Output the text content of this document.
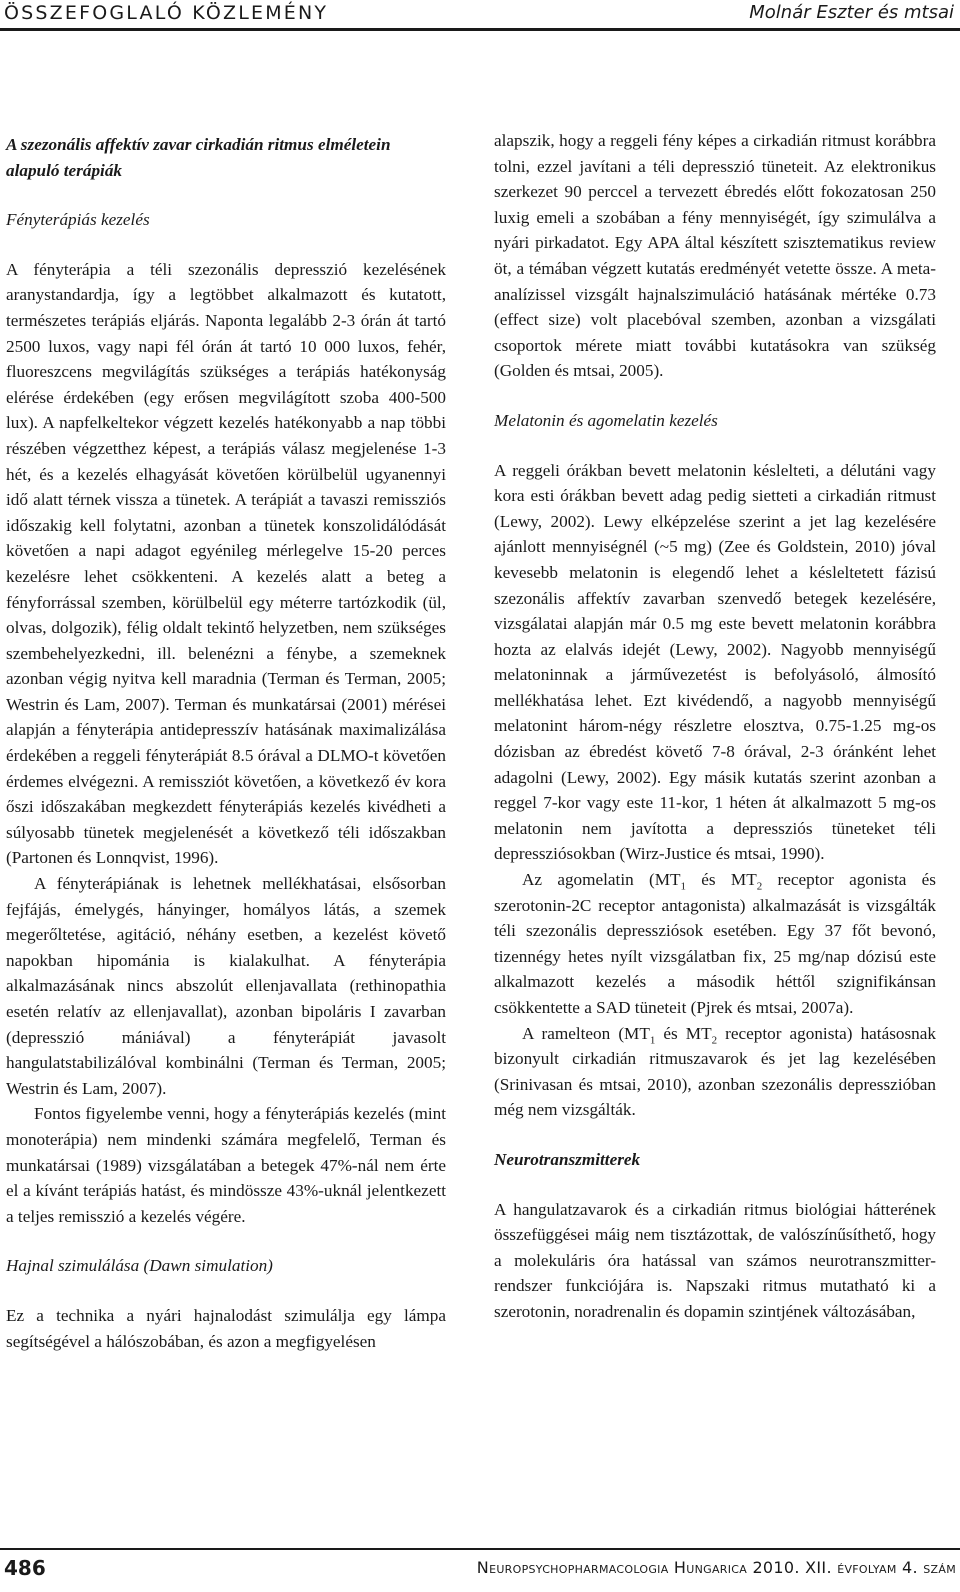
ÖSSZEFOGLALÓ KÖZLEMÉNY	Molnár Eszter és mtsai
A szezonális affektív zavar cirkadián ritmus elméletein alapuló terápiák
Fényterápiás kezelés

A fényterápia a téli szezonális depresszió kezelésének aranystandardja, így a legtöbbet alkalmazott és kutatott, természetes terápiás eljárás. Naponta legalább 2-3 órán át tartó 2500 luxos, vagy napi fél órán át tartó 10 000 luxos, fehér, fluoreszcens megvilágítás szükséges a terápiás hatékonyság elérése érdekében (egy erősen megvilágított szoba 400-500 lux). A napfelkeltekor végzett kezelés hatékonyabb a nap többi részében végzetthez képest, a terápiás válasz megjelenése 1-3 hét, és a kezelés elhagyását követően körülbelül ugyanennyi idő alatt térnek vissza a tünetek. A terápiát a tavaszi remissziós időszakig kell folytatni, azonban a tünetek konszolidálódását követően a napi adagot egyénileg mérlegelve 15-20 perces kezelésre lehet csökkenteni. A kezelés alatt a beteg a fényforrással szemben, körülbelül egy méterre tartózkodik (ül, olvas, dolgozik), félig oldalt tekintő helyzetben, nem szükséges szembehelyezkedni, ill. belenézni a fénybe, a szemeknek azonban végig nyitva kell maradnia (Terman és Terman, 2005; Westrin és Lam, 2007). Terman és munkatársai (2001) mérései alapján a fényterápia antidepresszív hatásának maximalizálása érdekében a reggeli fényterápiát 8.5 órával a DLMO-t követően érdemes elvégezni. A remissziót követően, a következő év kora őszi időszakában megkezdett fényterápiás kezelés kivédheti a súlyosabb tünetek megjelenését a következő téli időszakban (Partonen és Lonnqvist, 1996).

A fényterápiának is lehetnek mellékhatásai, elsősorban fejfájás, émelygés, hányinger, homályos látás, a szemek megerőltetése, agitáció, néhány esetben, a kezelést követő napokban hipománia is kialakulhat. A fényterápia alkalmazásának nincs abszolút ellenjavallata (rethinopathia esetén relatív az ellenjavallat), azonban bipoláris I zavarban (depresszió mániával) a fényterápiát javasolt hangulatstabilizálóval kombinálni (Terman és Terman, 2005; Westrin és Lam, 2007).

Fontos figyelembe venni, hogy a fényterápiás kezelés (mint monoterápia) nem mindenki számára megfelelő, Terman és munkatársai (1989) vizsgálatában a betegek 47%-nál nem érte el a kívánt terápiás hatást, és mindössze 43%-uknál jelentkezett a teljes remisszió a kezelés végére.

Hajnal szimulálása (Dawn simulation)

Ez a technika a nyári hajnalodást szimulálja egy lámpa segítségével a hálószobában, és azon a megfigyelésen

alapszik, hogy a reggeli fény képes a cirkadián ritmust korábbra tolni, ezzel javítani a téli depresszió tüneteit. Az elektronikus szerkezet 90 perccel a tervezett ébredés előtt fokozatosan 250 luxig emeli a szobában a fény mennyiségét, így szimulálva a nyári pirkadatot. Egy APA által készített szisztematikus review öt, a témában végzett kutatás eredményét vetette össze. A meta-analízissel vizsgált hajnalszimuláció hatásának mértéke 0.73 (effect size) volt placebóval szemben, azonban a vizsgálati csoportok mérete miatt további kutatásokra van szükség (Golden és mtsai, 2005).

Melatonin és agomelatin kezelés

A reggeli órákban bevett melatonin késlelteti, a délutáni vagy kora esti órákban bevett adag pedig sietteti a cirkadián ritmust (Lewy, 2002). Lewy elképzelése szerint a jet lag kezelésére ajánlott mennyiségnél (~5 mg) (Zee és Goldstein, 2010) jóval kevesebb melatonin is elegendő lehet a késleltetett fázisú szezonális affektív zavarban szenvedő betegek kezelésére, vizsgálatai alapján már 0.5 mg este bevett melatonin korábbra hozta az elalvás idejét (Lewy, 2002). Nagyobb mennyiségű melatoninnak a járművezetést is befolyásoló, álmosító mellékhatása lehet. Ezt kivédendő, a nagyobb mennyiségű melatonint három-négy részletre elosztva, 0.75-1.25 mg-os dózisban az ébredést követő 7-8 órával, 2-3 óránként lehet adagolni (Lewy, 2002). Egy másik kutatás szerint azonban a reggel 7-kor vagy este 11-kor, 1 héten át alkalmazott 5 mg-os melatonin nem javította a depressziós tüneteket téli depressziósokban (Wirz-Justice és mtsai, 1990).

Az agomelatin ($MT_1$ és $MT_2$ receptor agonista és szerotonin-2C receptor antagonista) alkalmazását is vizsgálták téli szezonális depressziósok esetében. Egy 37 főt bevonó, tizennégy hetes nyílt vizsgálatban fix, 25 mg/nap dózisú este alkalmazott kezelés a második héttől szignifikánsan csökkentette a SAD tüneteit (Pjrek és mtsai, 2007a).

A ramelteon ($MT_1$ és $MT_2$ receptor agonista) hatásosnak bizonyult cirkadián ritmuszavarok és jet lag kezelésében (Srinivasan és mtsai, 2010), azonban szezonális depresszióban még nem vizsgálták.

Neurotranszmitterek

A hangulatzavarok és a cirkadián ritmus biológiai hátterének összefüggései máig nem tisztázottak, de valószínűsíthető, hogy a molekuláris óra hatással van számos neurotranszmitter-rendszer funkciójára is. Napszaki ritmus mutatható ki a szerotonin, noradrenalin és dopamin szintjének változásában,

486	Neuropsychopharmacologia Hungarica 2010. XII. évfolyam 4. szám
